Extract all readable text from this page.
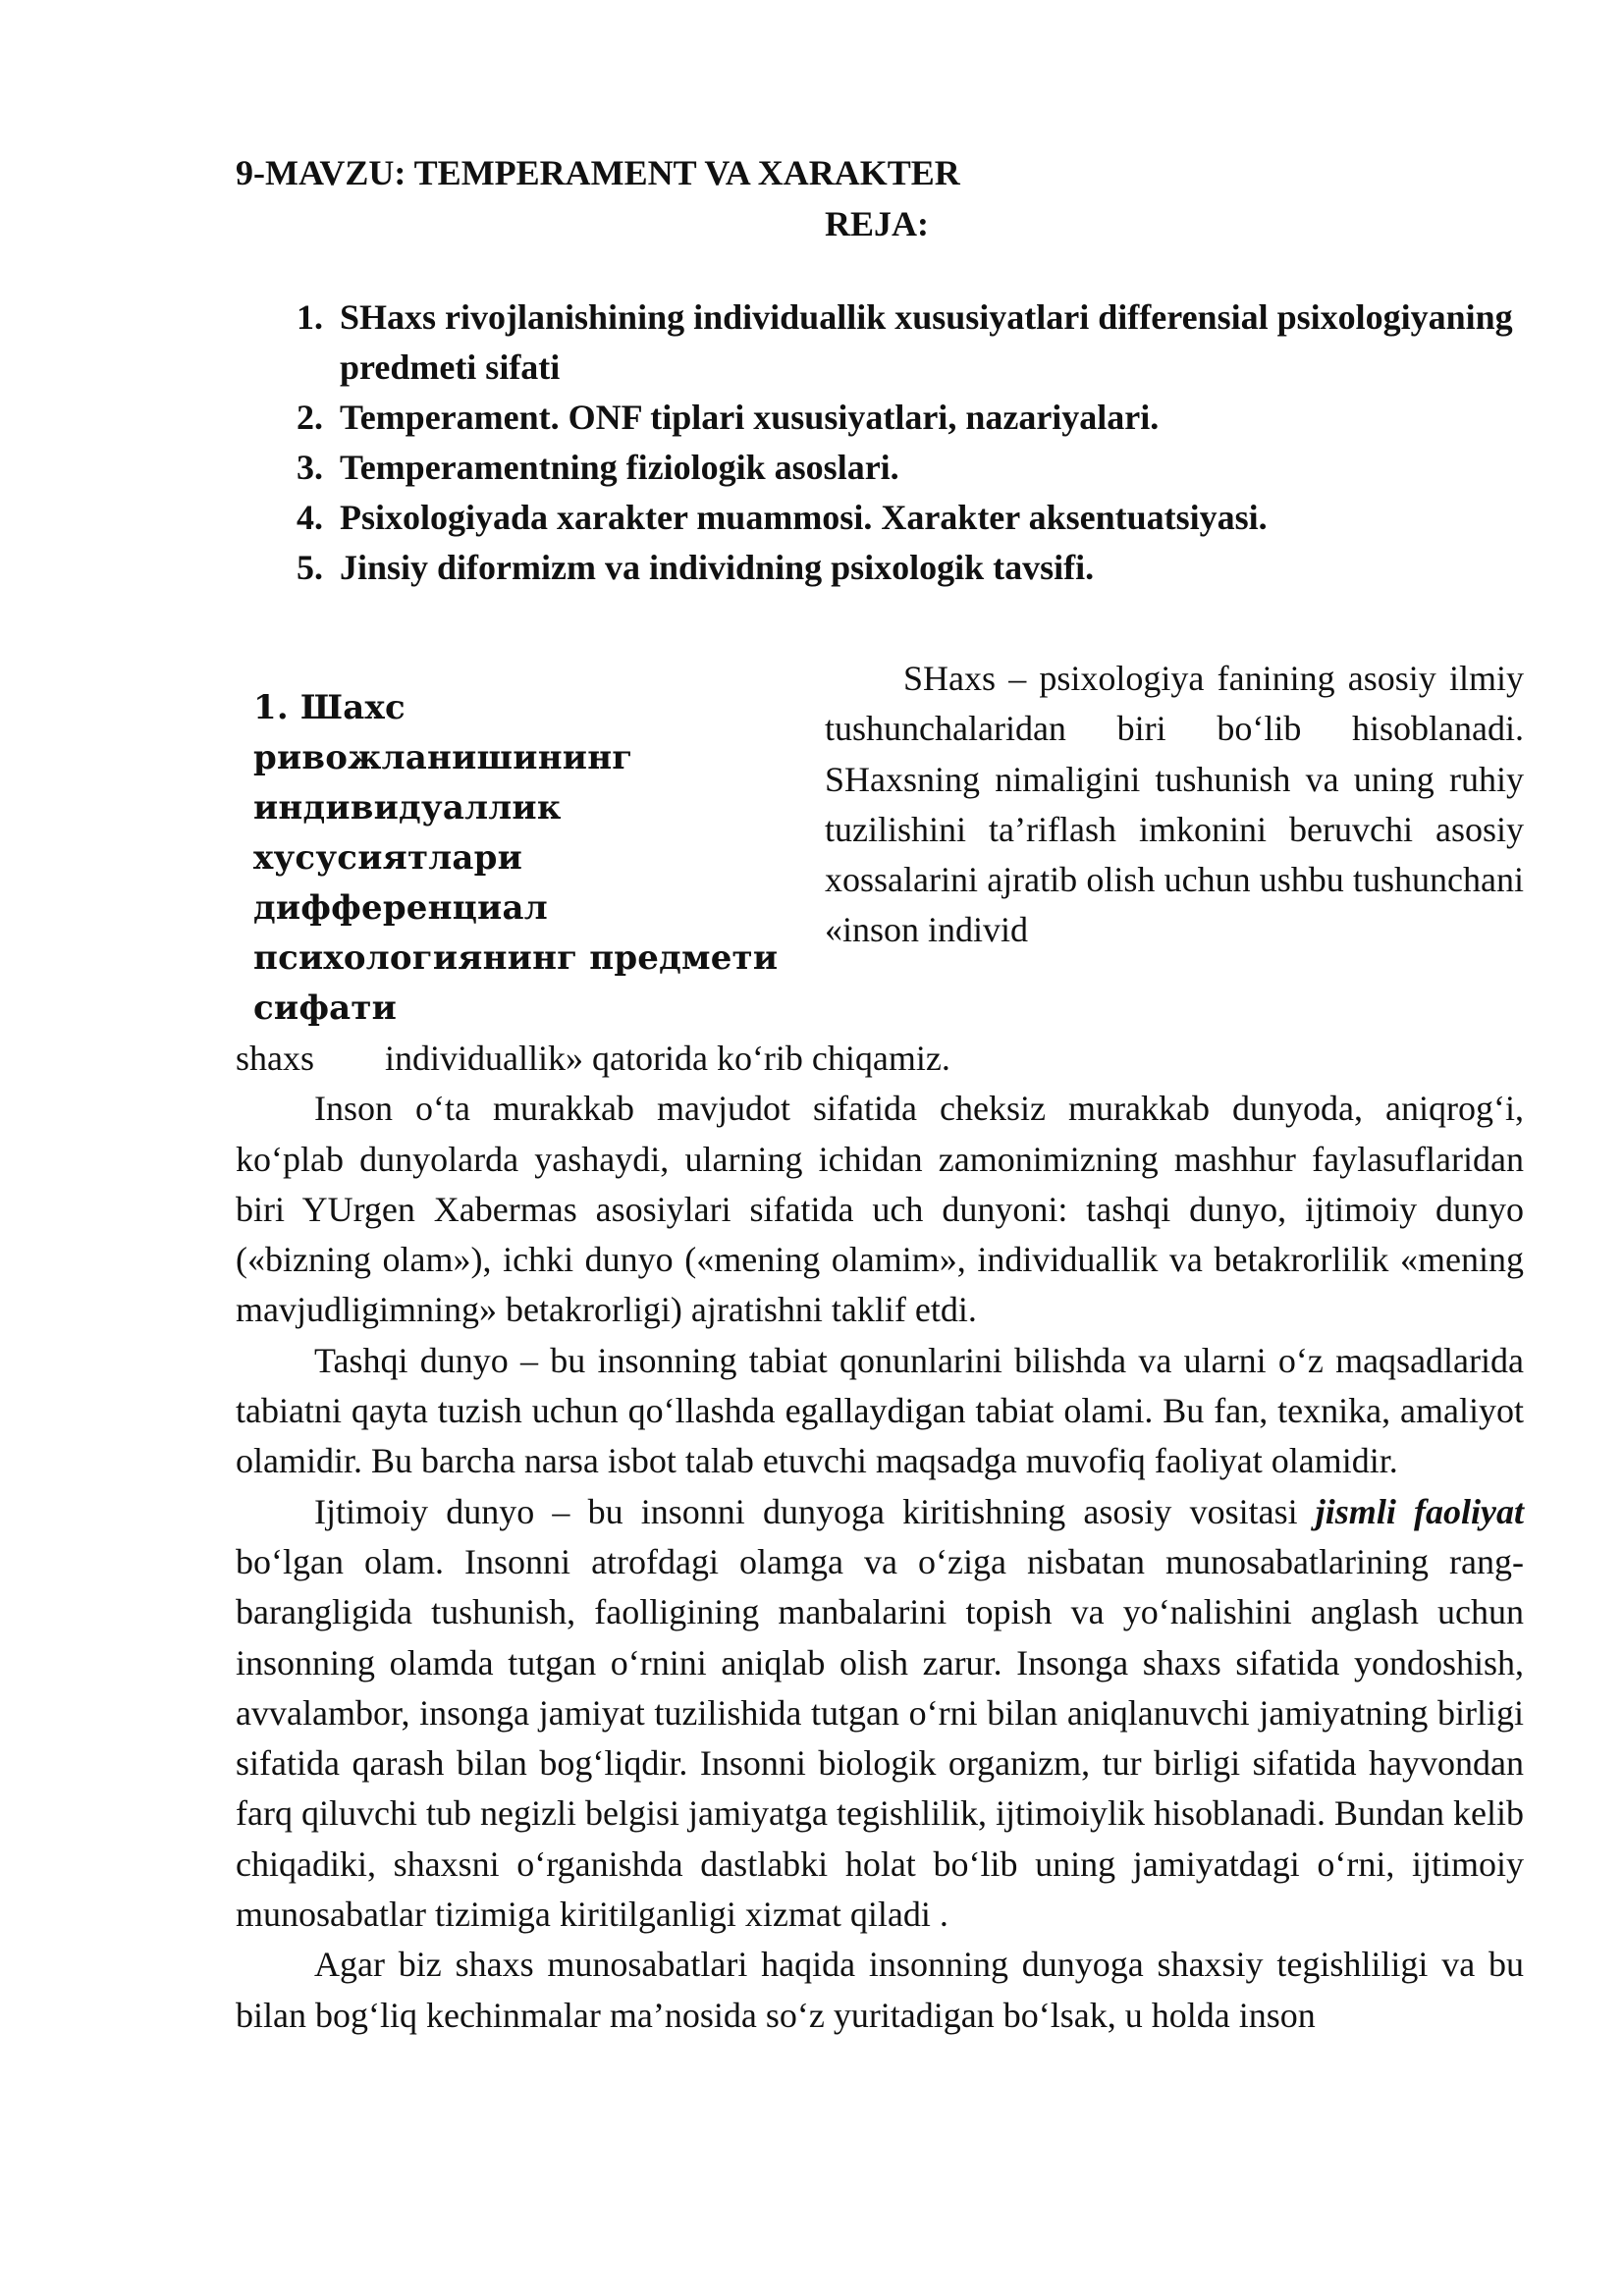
9-MAVZU: TEMPERAMENT VA XARAKTER
REJA:
1. SHaxs rivojlanishining individuallik xususiyatlari differensial psixologiyaning predmeti sifati
2. Temperament. ONF tiplari xususiyatlari, nazariyalari.
3. Temperamentning fiziologik asoslari.
4. Psixologiyada xarakter muammosi. Xarakter aksentuatsiyasi.
5. Jinsiy diformizm va individning psixologik tavsifi.
1. Шахс ривожланишининг индивидуаллик хусусиятлари дифференциал психологиянинг предмети сифати

SHaxs – psixologiya fanining asosiy ilmiy tushunchalaridan biri bo‘lib hisoblanadi. SHaxsning nimaligini tushunish va uning ruhiy tuzilishini ta’riflash imkonini beruvchi asosiy xossalarini ajratib olish uchun ushbu tushunchani «inson individ

shaxs        individuallik» qatorida ko‘rib chiqamiz.

Inson o‘ta murakkab mavjudot sifatida cheksiz murakkab dunyoda, aniqrog‘i, ko‘plab dunyolarda yashaydi, ularning ichidan zamonimizning mashhur faylasuflaridan biri YUrgen Xabermas asosiylari sifatida uch dunyoni: tashqi dunyo, ijtimoiy dunyo («bizning olam»), ichki dunyo («mening olamim», individuallik va betakrorlilik «mening mavjudligimning» betakrorligi) ajratishni taklif etdi.

Tashqi dunyo – bu insonning tabiat qonunlarini bilishda va ularni o‘z maqsadlarida tabiatni qayta tuzish uchun qo‘llashda egallaydigan tabiat olami. Bu fan, texnika, amaliyot olamidir. Bu barcha narsa isbot talab etuvchi maqsadga muvofiq faoliyat olamidir.

Ijtimoiy dunyo – bu insonni dunyoga kiritishning asosiy vositasi jismli faoliyat bo‘lgan olam. Insonni atrofdagi olamga va o‘ziga nisbatan munosabatlarining rang-barangligida tushunish, faolligining manbalarini topish va yo‘nalishini anglash uchun insonning olamda tutgan o‘rnini aniqlab olish zarur. Insonga shaxs sifatida yondoshish, avvalambor, insonga jamiyat tuzilishida tutgan o‘rni bilan aniqlanuvchi jamiyatning birligi sifatida qarash bilan bog‘liqdir. Insonni biologik organizm, tur birligi sifatida hayvondan farq qiluvchi tub negizli belgisi jamiyatga tegishlilik, ijtimoiylik hisoblanadi. Bundan kelib chiqadiki, shaxsni o‘rganishda dastlabki holat bo‘lib uning jamiyatdagi o‘rni, ijtimoiy munosabatlar tizimiga kiritilganligi xizmat qiladi .

Agar biz shaxs munosabatlari haqida insonning dunyoga shaxsiy tegishliligi va bu bilan bog‘liq kechinmalar ma’nosida so‘z yuritadigan bo‘lsak, u holda inson
